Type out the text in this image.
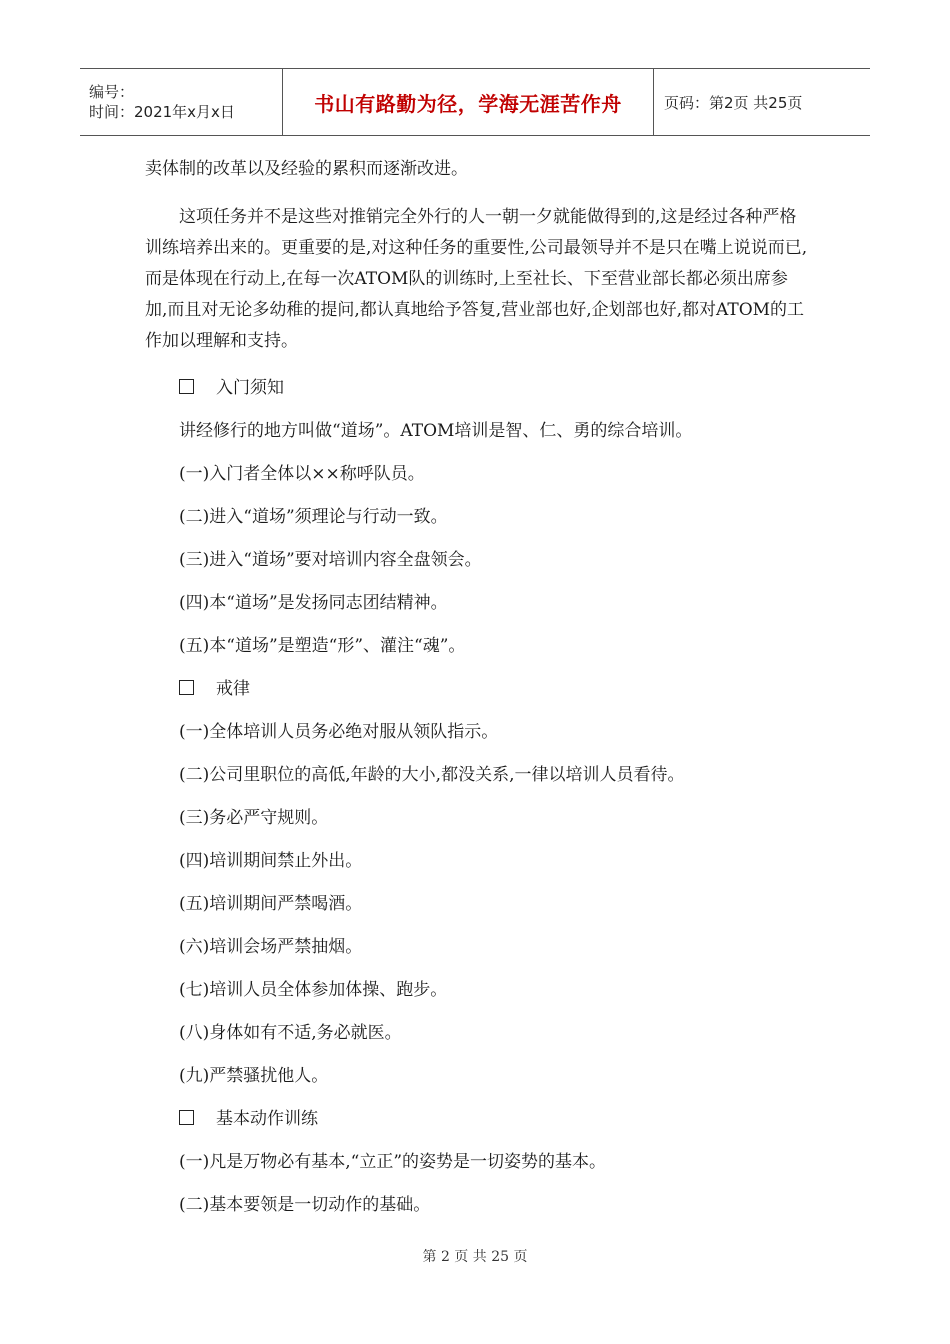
编号：
时间：2021年x月x日	书山有路勤为径，学海无涯苦作舟	页码：第2页 共25页

卖体制的改革以及经验的累积而逐渐改进。

这项任务并不是这些对推销完全外行的人一朝一夕就能做得到的,这是经过各种严格训练培养出来的。更重要的是,对这种任务的重要性,公司最领导并不是只在嘴上说说而已,而是体现在行动上,在每一次ATOM队的训练时,上至社长、下至营业部长都必须出席参加,而且对无论多幼稚的提问,都认真地给予答复,营业部也好,企划部也好,都对ATOM的工作加以理解和支持。

入门须知
讲经修行的地方叫做“道场”。ATOM培训是智、仁、勇的综合培训。
(一)入门者全体以××称呼队员。
(二)进入“道场”须理论与行动一致。
(三)进入“道场”要对培训内容全盘领会。
(四)本“道场”是发扬同志团结精神。
(五)本“道场”是塑造“形”、灌注“魂”。
戒律
(一)全体培训人员务必绝对服从领队指示。
(二)公司里职位的高低,年龄的大小,都没关系,一律以培训人员看待。
(三)务必严守规则。
(四)培训期间禁止外出。
(五)培训期间严禁喝酒。
(六)培训会场严禁抽烟。
(七)培训人员全体参加体操、跑步。
(八)身体如有不适,务必就医。
(九)严禁骚扰他人。
基本动作训练
(一)凡是万物必有基本,“立正”的姿势是一切姿势的基本。
(二)基本要领是一切动作的基础。
第 2 页 共 25 页
